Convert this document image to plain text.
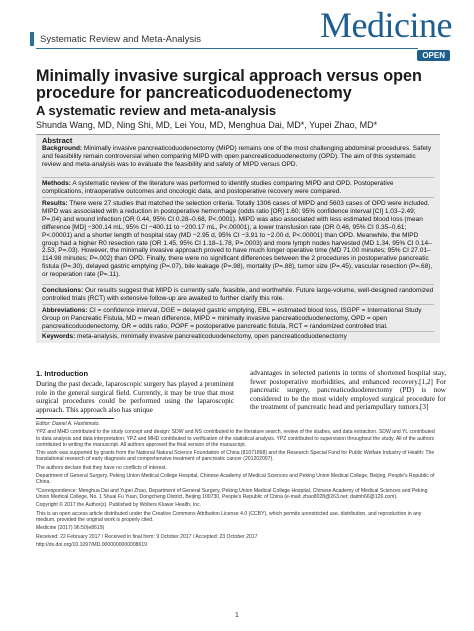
Systematic Review and Meta-Analysis	Medicine
OPEN
Minimally invasive surgical approach versus open procedure for pancreaticoduodenectomy
A systematic review and meta-analysis
Shunda Wang, MD, Ning Shi, MD, Lei You, MD, Menghua Dai, MD*, Yupei Zhao, MD*
Abstract
Background: Minimally invasive pancreaticoduodenectomy (MIPD) remains one of the most challenging abdominal procedures. Safety and feasibility remain controversial when comparing MIPD with open pancreaticoduodenectomy (OPD). The aim of this systematic review and meta-analysis was to evaluate the feasibility and safety of MIPD versus OPD.
Methods: A systematic review of the literature was performed to identify studies comparing MIPD and OPD. Postoperative complications, intraoperative outcomes and oncologic data, and postoperative recovery were compared.
Results: There were 27 studies that matched the selection criteria. Totally 1306 cases of MIPD and 5603 cases of OPD were included. MIPD was associated with a reduction in postoperative hemorrhage (odds ratio [OR] 1.60; 95% confidence interval [CI] 1.03–2.49; P=.04) and wound infection (OR 0.44, 95% CI 0.28–0.68, P<.0001). MIPD was also associated with less estimated blood loss (mean difference [MD] −300.14 mL, 95% CI −400.11 to −200.17 mL, P<.00001), a lower transfusion rate (OR 0.46, 95% CI 0.35–0.61; P<.00001) and a shorter length of hospital stay (MD −2.95 d, 95% CI −3.91 to −2.00 d, P<.00001) than OPD. Meanwhile, the MIPD group had a higher R0 resection rate (OR 1.45, 95% CI 1.18–1.78, P=.0003) and more lymph nodes harvested (MD 1.34, 95% CI 0.14–2.53, P=.03). However, the minimally invasive approach proved to have much longer operative time (MD 71.00 minutes; 95% CI 27.01–114.98 minutes; P=.002) than OPD. Finally, there were no significant differences between the 2 procedures in postoperative pancreatic fistula (P=.30), delayed gastric emptying (P=.07), bile leakage (P=.98), mortality (P=.88), tumor size (P=.45), vascular resection (P=.68), or reoperation rate (P=.11).
Conclusions: Our results suggest that MIPD is currently safe, feasible, and worthwhile. Future large-volume, well-designed randomized controlled trials (RCT) with extensive follow-up are awaited to further clarify this role.
Abbreviations: CI = confidence interval, DGE = delayed gastric emptying, EBL = estimated blood loss, ISGPF = International Study Group on Pancreatic Fistula, MD = mean difference, MIPD = minimally invasive pancreaticoduodenectomy, OPD = open pancreaticoduodenectomy, OR = odds ratio, POPF = postoperative pancreatic fistula, RCT = randomized controlled trial.
Keywords: meta-analysis, minimally invasive pancreaticoduodenectomy, open pancreaticoduodenectomy
1. Introduction
During the past decade, laparoscopic surgery has played a prominent role in the general surgical field. Currently, it may be true that most surgical procedures could be performed using the laparoscopic approach. This approach also has unique
advantages in selected patients in terms of shortened hospital stay, fewer postoperative morbidities, and enhanced recovery.[1,2] For pancreatic surgery, pancreaticoduodenectomy (PD) is now considered to be the most widely employed surgical procedure for the treatment of pancreatic head and periampullary tumors.[3]

Editor: Daniel A. Hashimoto.

YPZ and MHD contributed to the study concept and design; SDW and NS contributed to the literature search, review of the studies, and data extraction. SDW and YL contributed to data analysis and data interpretation; YPZ and MHD contributed to verification of the statistical analysis. YPZ contributed to supervision throughout the study. All of the authors contributed to writing the manuscript. All authors approved the final version of the manuscript.

This work was supported by grants from the National Natural Science Foundation of China (81071898) and the Research Special Fund for Public Welfare Industry of Health: The translational research of early diagnosis and comprehensive treatment of pancreatic cancer (201202007).

The authors declare that they have no conflicts of interest.

Department of General Surgery, Peking Union Medical College Hospital, Chinese Academy of Medical Sciences and Peking Union Medical College, Beijing, People's Republic of China.

*Correspondence: Menghua Dai and Yupei Zhao, Department of General Surgery, Peking Union Medical College Hospital, Chinese Academy of Medical Sciences and Peking Union Medical College, No. 1 Shuai Fu Yuan, Dongcheng District, Beijing 100730, People's Republic of China (e-mail: zhao8028@263.net; daimh66@126.com).

Copyright © 2017 the Author(s). Published by Wolters Kluwer Health, Inc.

This is an open access article distributed under the Creative Commons Attribution License 4.0 (CCBY), which permits unrestricted use, distribution, and reproduction in any medium, provided the original work is properly cited.

Medicine (2017) 96:50(e8619)

Received: 22 February 2017 / Received in final form: 9 October 2017 / Accepted: 23 October 2017

http://dx.doi.org/10.1097/MD.0000000000008619

1
